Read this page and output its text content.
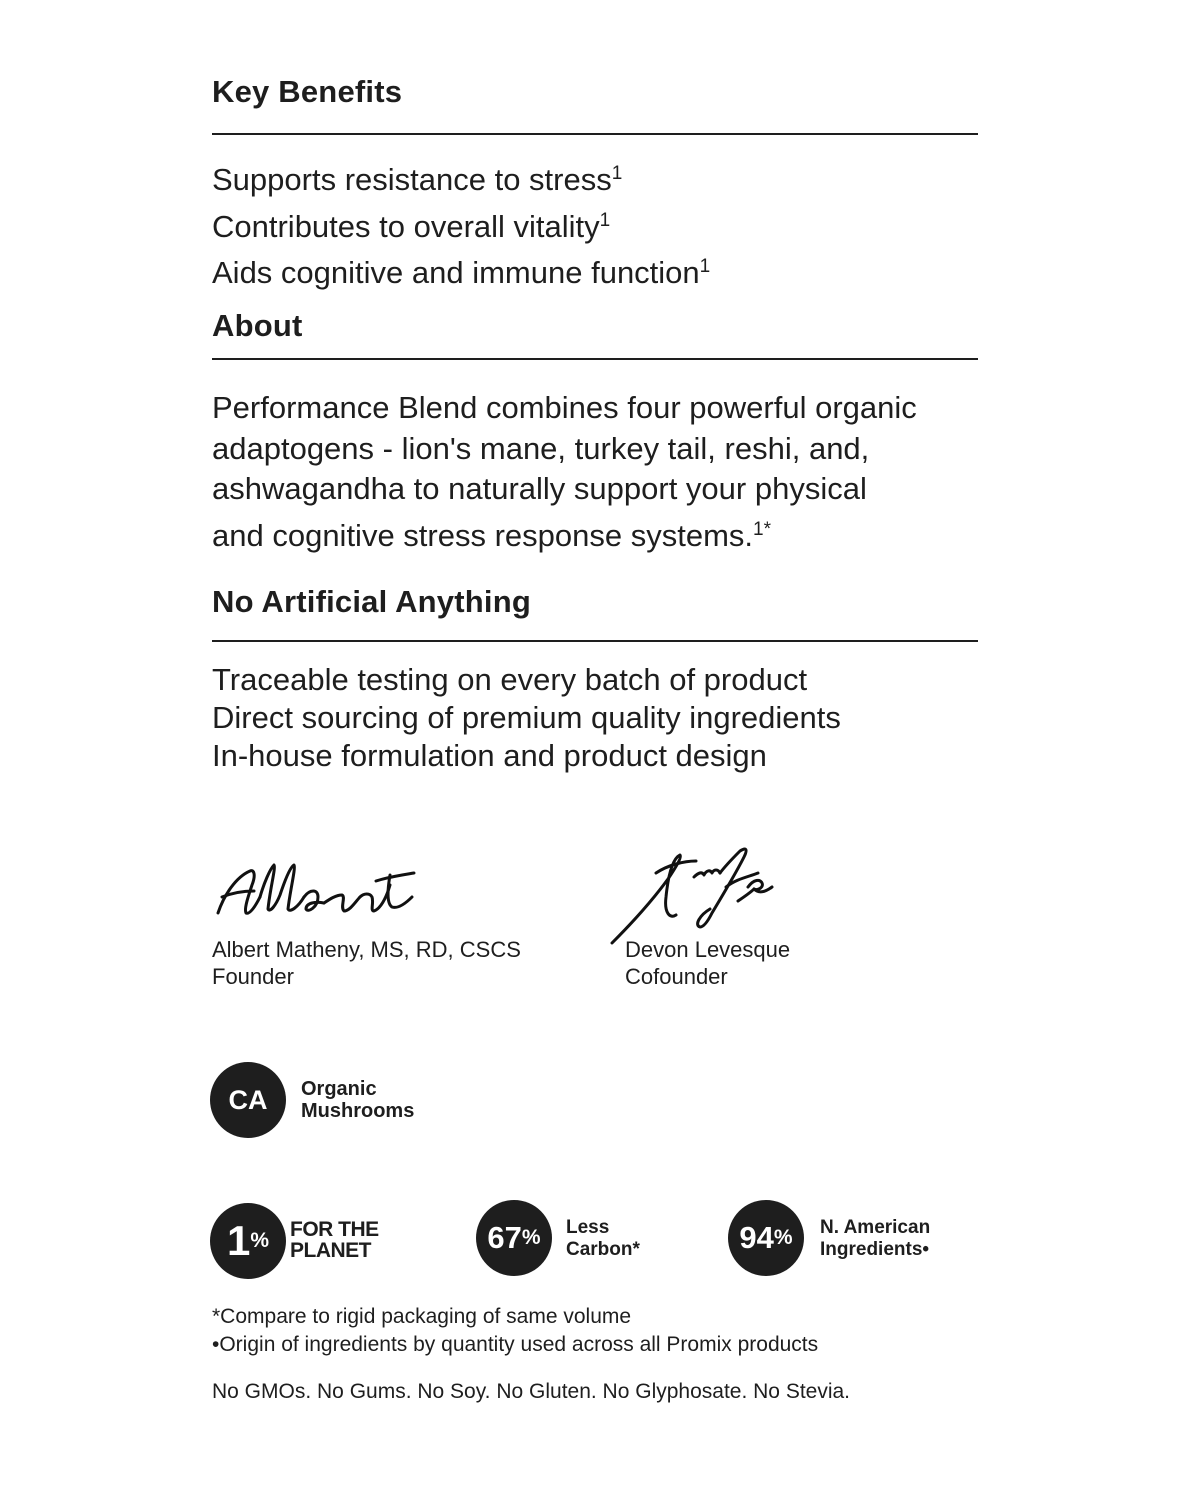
Key Benefits
Supports resistance to stress$^1$
Contributes to overall vitality$^1$
Aids cognitive and immune function$^1$
About
Performance Blend combines four powerful organic
adaptogens - lion's mane, turkey tail, reshi, and,
ashwagandha to naturally support your physical
and cognitive stress response systems.$^{1*}$
No Artificial Anything
Traceable testing on every batch of product
Direct sourcing of premium quality ingredients
In-house formulation and product design
Albert Matheny, MS, RD, CSCS
Founder
Devon Levesque
Cofounder
CA Organic
Mushrooms
1 % FOR THE
PLANET	67 % Less
Carbon*	94 % N. American
Ingredients•
*Compare to rigid packaging of same volume
•Origin of ingredients by quantity used across all Promix products
No GMOs. No Gums. No Soy. No Gluten. No Glyphosate. No Stevia.
